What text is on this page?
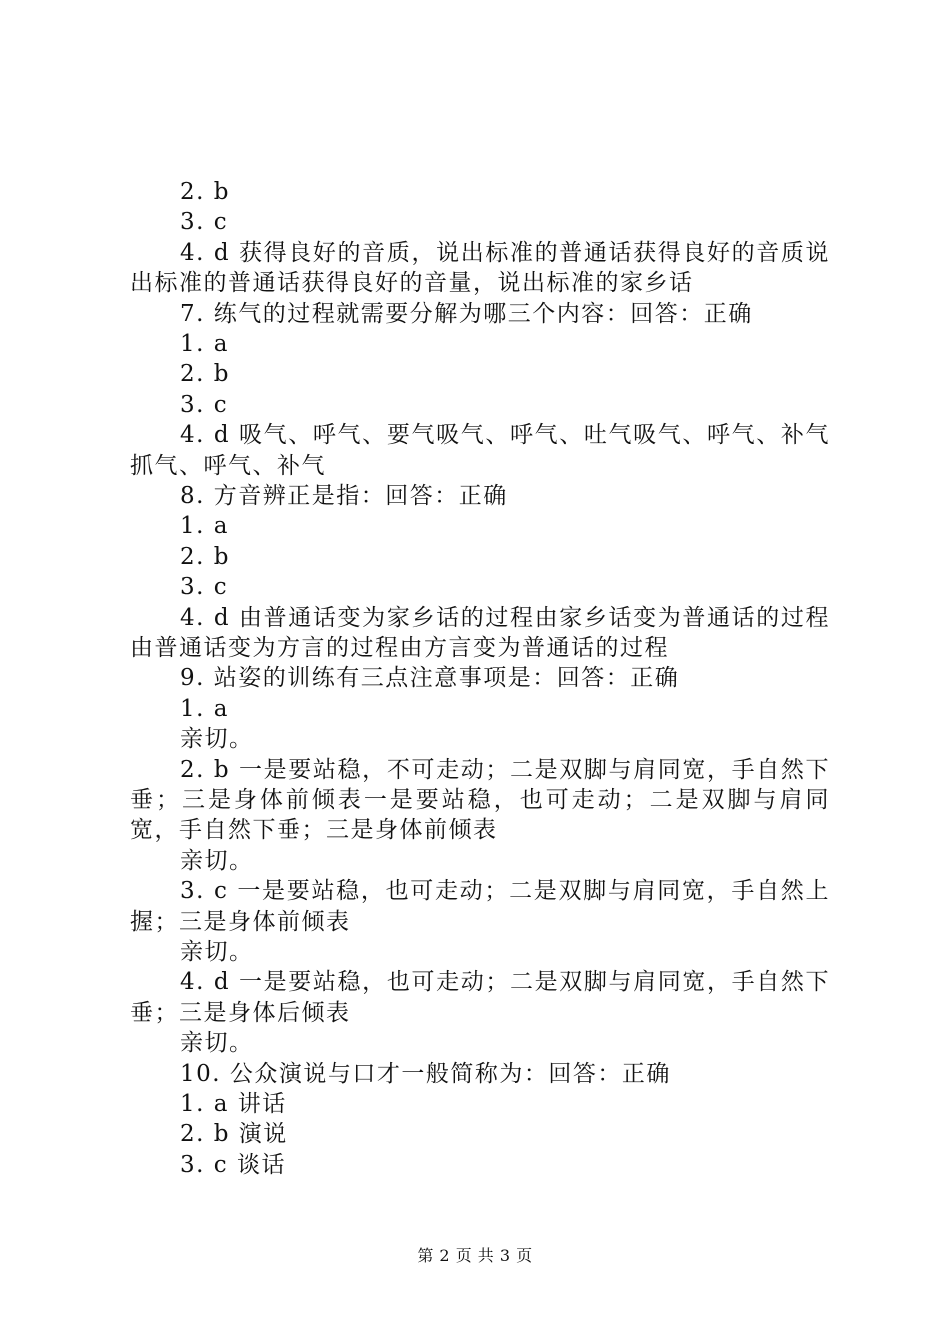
2. b
3. c
4. d 获得良好的音质，说出标准的普通话获得良好的音质说出标准的普通话获得良好的音量，说出标准的家乡话
7. 练气的过程就需要分解为哪三个内容：回答：正确
1. a
2. b
3. c
4. d 吸气、呼气、要气吸气、呼气、吐气吸气、呼气、补气抓气、呼气、补气
8. 方音辨正是指：回答：正确
1. a
2. b
3. c
4. d 由普通话变为家乡话的过程由家乡话变为普通话的过程由普通话变为方言的过程由方言变为普通话的过程
9. 站姿的训练有三点注意事项是：回答：正确
1. a
亲切。
2. b 一是要站稳，不可走动；二是双脚与肩同宽，手自然下垂；三是身体前倾表一是要站稳，也可走动；二是双脚与肩同宽，手自然下垂；三是身体前倾表
亲切。
3. c 一是要站稳，也可走动；二是双脚与肩同宽，手自然上握；三是身体前倾表
亲切。
4. d 一是要站稳，也可走动；二是双脚与肩同宽，手自然下垂；三是身体后倾表
亲切。
10. 公众演说与口才一般简称为：回答：正确
1. a 讲话
2. b 演说
3. c 谈话
第 2 页 共 3 页
